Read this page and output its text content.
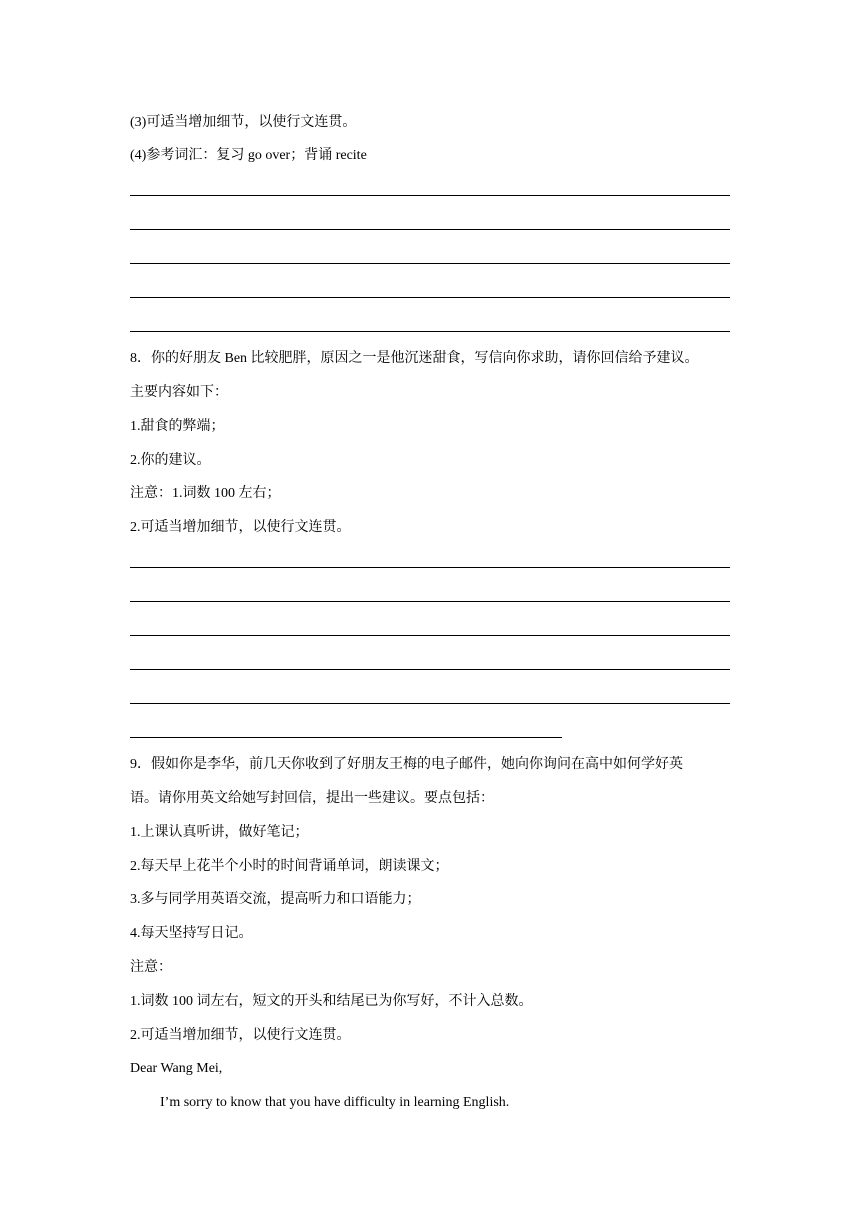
(3)可适当增加细节，以使行文连贯。
(4)参考词汇：复习 go over；背诵 recite
8．你的好朋友 Ben 比较肥胖，原因之一是他沉迷甜食，写信向你求助，请你回信给予建议。
主要内容如下：
1.甜食的弊端；
2.你的建议。
注意：1.词数 100 左右；
2.可适当增加细节，以使行文连贯。
9．假如你是李华，前几天你收到了好朋友王梅的电子邮件，她向你询问在高中如何学好英
语。请你用英文给她写封回信，提出一些建议。要点包括：
1.上课认真听讲，做好笔记；
2.每天早上花半个小时的时间背诵单词，朗读课文；
3.多与同学用英语交流，提高听力和口语能力；
4.每天坚持写日记。
注意：
1.词数 100 词左右，短文的开头和结尾已为你写好，不计入总数。
2.可适当增加细节，以使行文连贯。
Dear Wang Mei,
I’m sorry to know that you have difficulty in learning English.
